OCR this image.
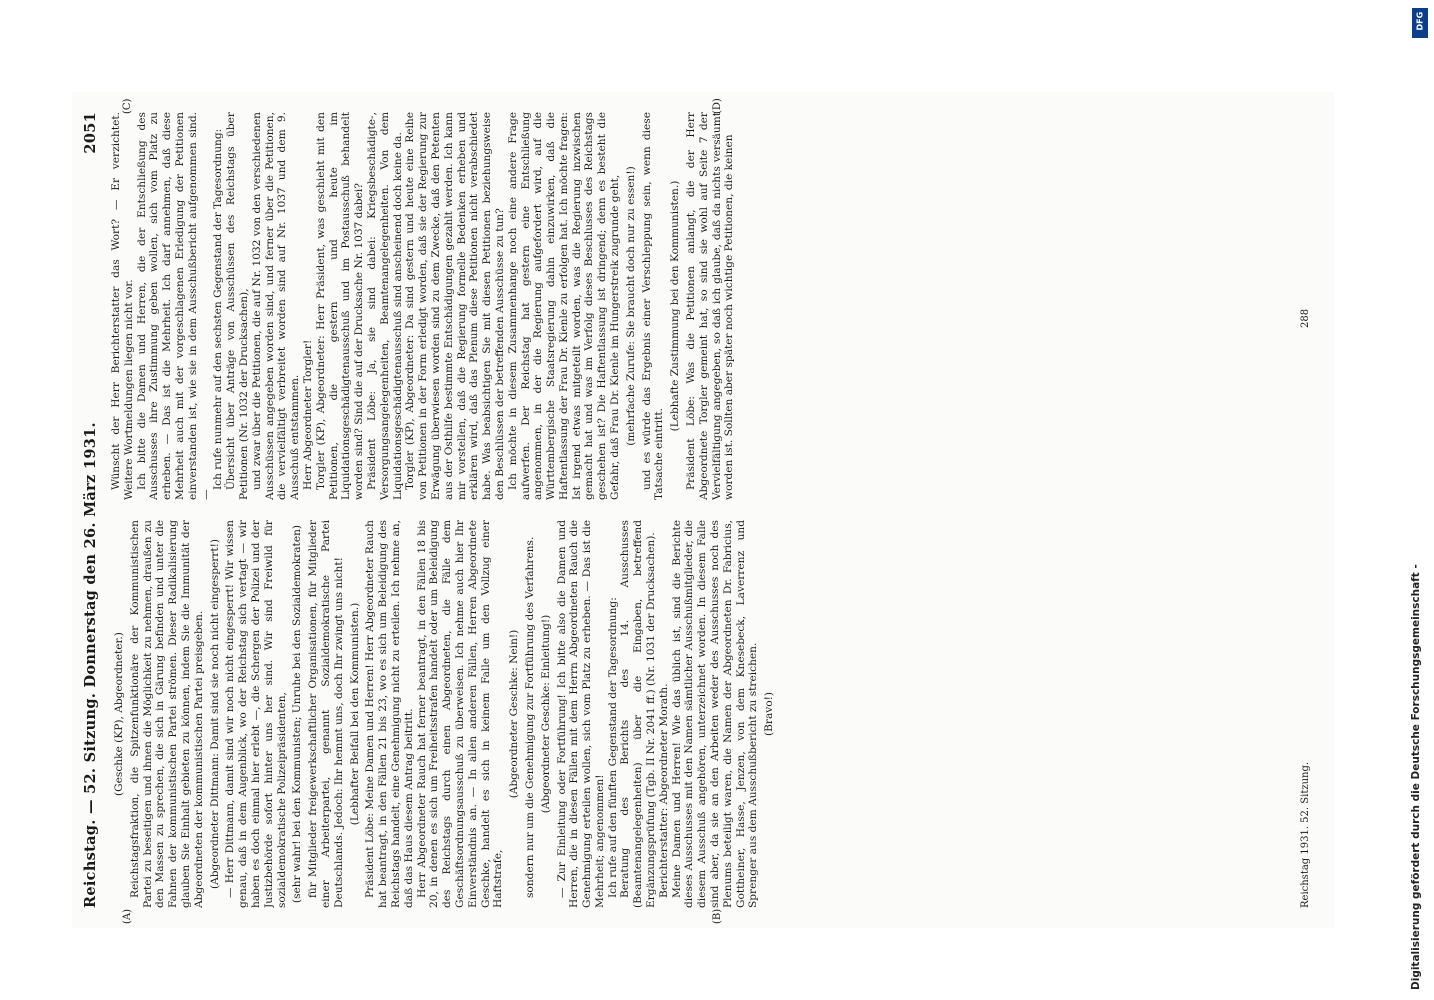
Reichstag. — 52. Sitzung. Donnerstag den 26. März 1931.
2051

(Geschke (KP), Abgeordneter.) Reichstagsfraktion, die Spitzenfunktionäre der Kommunistischen Partei zu beseitigen und ihnen die Möglichkeit zu nehmen, draußen zu den Massen zu sprechen, die sich in Gärung befinden und unter die Fahnen der kommunistischen Partei strömen. Dieser Radikalisierung glauben Sie Einhalt gebieten zu können, indem Sie die Immunität der Abgeordneten der kommunistischen Partei preisgeben. (Abgeordneter Dittmann: Damit sind sie noch nicht eingesperrt!) — Herr Dittmann, damit sind wir noch nicht eingesperrt! Wir wissen genau, daß in dem Augenblick, wo der Reichstag sich vertagt — wir haben es doch einmal hier erlebt —, die Schergen der Polizei und der Justizbehörde sofort hinter uns her sind. Wir sind Freiwild für sozialdemokratische Polizeipräsidenten, (sehr wahr! bei den Kommunisten; Unruhe bei den Sozialdemokraten) für Mitglieder freigewerkschaftlicher Organisationen, für Mitglieder einer Arbeiterpartei, genannt Sozialdemokratische Partei Deutschlands. Jedoch: Ihr hemmt uns, doch Ihr zwingt uns nicht! (Lebhafter Beifall bei den Kommunisten.) Präsident Löbe: Meine Damen und Herren! Herr Abgeordneter Rauch hat beantragt, in den Fällen 21 bis 23, wo es sich um Beleidigung des Reichstags handelt, eine Genehmigung nicht zu erteilen. Ich nehme an, daß das Haus diesem Antrag beitritt. Herr Abgeordneter Rauch hat ferner beantragt, in den Fällen 18 bis 20, in denen es sich um Freiheitsstrafen handelt oder um Beleidigung des Reichstags durch einen Abgeordneten, die Fälle dem Geschäftsordnungsausschuß zu überweisen. Ich nehme auch hier Ihr Einverständnis an. — In allen anderen Fällen, Herren Abgeordnete Geschke, handelt es sich in keinem Falle um den Vollzug einer Haftstrafe,

(Abgeordneter Geschke: Nein!) sondern nur um die Genehmigung zur Fortführung des Verfahrens. (Abgeordneter Geschke: Einleitung!) — Zur Einleitung oder Fortführung! Ich bitte also die Damen und Herren, die in diesen Fällen mit dem Herrn Abgeordneten Rauch die Genehmigung erteilen wollen, sich vom Platz zu erheben. — Das ist die Mehrheit; angenommen! Ich rufe auf den fünften Gegenstand der Tagesordnung: Beratung des Berichts des 14. Ausschusses (Beamtenangelegenheiten) über die Eingaben, betreffend Ergänzungsprüfung (Tgb. II Nr. 2041 ff.) (Nr. 1031 der Drucksachen). Berichterstatter: Abgeordneter Morath. Meine Damen und Herren! Wie das üblich ist, sind die Berichte dieses Ausschusses mit den Namen sämtlicher Ausschußmitglieder, die diesem Ausschuß angehören, unterzeichnet worden. In diesem Falle sind aber, da sie an den Arbeiten weder des Ausschusses noch des Plenums beteiligt waren, die Namen der Abgeordneten Dr. Fabricius, Gottheiner, Hasse, Jenzen, von dem Knesebeck, Laverrenz und Sprenger aus dem Ausschußbericht zu streichen. (Bravo!)

Wünscht der Herr Berichterstatter das Wort? — Er verzichtet. Weitere Wortmeldungen liegen nicht vor. Ich bitte die Damen und Herren, die der Entschließung des Ausschusses ihre Zustimmung geben wollen, sich vom Platz zu erheben. — Das ist die Mehrheit. Ich darf annehmen, daß diese Mehrheit auch mit der vorgeschlagenen Erledigung der Petitionen einverstanden ist, wie sie in dem Ausschußbericht aufgenommen sind. —

Ich rufe nunmehr auf den sechsten Gegenstand der Tagesordnung: Übersicht über Anträge von Ausschüssen des Reichstags über Petitionen (Nr. 1032 der Drucksachen), und zwar über die Petitionen, die auf Nr. 1032 von den verschiedenen Ausschüssen angegeben worden sind, und ferner über die Petitionen, die vervielfältigt verbreitet worden sind auf Nr. 1037 und dem 9. Ausschuß entstammen. Herr Abgeordneter Torgler! Torgler (KP), Abgeordneter: Herr Präsident, was geschieht mit den Petitionen, die gestern und heute im Liquidationsgeschädigtenausschuß und im Postausschuß behandelt worden sind? Sind die auf der Drucksache Nr. 1037 dabei? Präsident Löbe: Ja, sie sind dabei: Kriegsbeschädigte-, Versorgungsangelegenheiten, Beamtenangelegenheiten. Von dem Liquidationsgeschädigtenausschuß sind anscheinend doch keine da. Torgler (KP), Abgeordneter: Da sind gestern und heute eine Reihe von Petitionen in der Form erledigt worden, daß sie der Regierung zur Erwägung überwiesen worden sind zu dem Zwecke, daß den Petenten aus der Osthilfe bestimmte Entschädigungen gezahlt werden. Ich kann mir vorstellen, daß die Regierung formelle Bedenken erheben und erklären wird, daß das Plenum diese Petitionen nicht verabschiedet habe. Was beabsichtigen Sie mit diesen Petitionen beziehungsweise den Beschlüssen der betreffenden Ausschüsse zu tun? Ich möchte in diesem Zusammenhange noch eine andere Frage aufwerfen. Der Reichstag hat gestern eine Entschließung angenommen, in der die Regierung aufgefordert wird, auf die Württembergische Staatsregierung dahin einzuwirken, daß die Haftentlassung der Frau Dr. Kienle zu erfolgen hat. Ich möchte fragen: Ist irgend etwas mitgeteilt worden, was die Regierung inzwischen gemacht hat und was im Verfolg dieses Beschlusses des Reichstags geschehen ist? Die Haftentlassung ist dringend; denn es besteht die Gefahr, daß Frau Dr. Kienle im Hungerstreik zugrunde geht, (mehrfache Zurufe: Sie braucht doch nur zu essen!) und es würde das Ergebnis einer Verschleppung sein, wenn diese Tatsache eintritt.

(Lebhafte Zustimmung bei den Kommunisten.) Präsident Löbe: Was die Petitionen anlangt, die der Herr Abgeordnete Torgler gemeint hat, so sind sie wohl auf Seite 7 der Vervielfältigung angegeben, so daß ich glaube, daß da nichts versäumt worden ist. Sollten aber später noch wichtige Petitionen, die keinen

(A)	(B)
(C)	(D)
Reichstag 1931. 52. Sitzung.
288
DFG
Digitalisierung gefördert durch die Deutsche Forschungsgemeinschaft -
